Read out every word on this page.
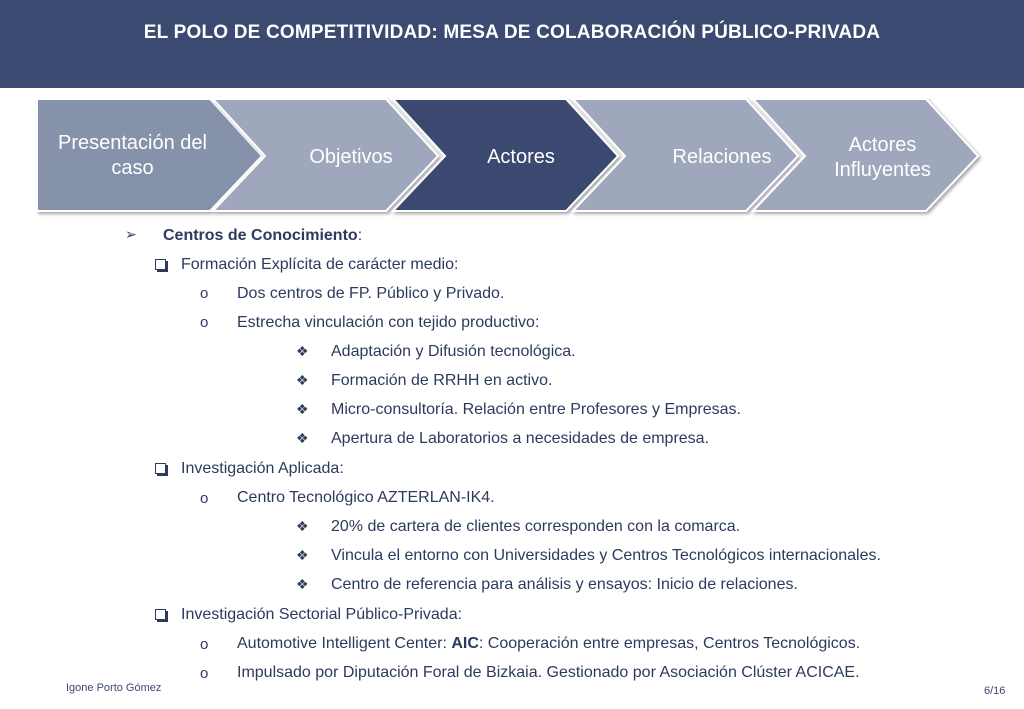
EL POLO DE COMPETITIVIDAD: MESA DE COLABORACIÓN PÚBLICO-PRIVADA
Presentación del
caso	Objetivos	Actores	Relaciones
Actores
Influyentes
➢ Centros de Conocimiento:
Formación Explícita de carácter medio:
o Dos centros de FP. Público y Privado.
o Estrecha vinculación con tejido productivo:
❖ Adaptación y Difusión tecnológica.
❖ Formación de RRHH en activo.
❖ Micro-consultoría. Relación entre Profesores y Empresas.
❖ Apertura de Laboratorios a necesidades de empresa.
Investigación Aplicada:
o Centro Tecnológico AZTERLAN-IK4.
❖ 20% de cartera de clientes corresponden con la comarca.
❖ Vincula el entorno con Universidades y Centros Tecnológicos internacionales.
❖ Centro de referencia para análisis y ensayos: Inicio de relaciones.
Investigación Sectorial Público-Privada:
o Automotive Intelligent Center: AIC: Cooperación entre empresas, Centros Tecnológicos.
o Impulsado por Diputación Foral de Bizkaia. Gestionado por Asociación Clúster ACICAE.
Igone Porto Gómez	6/16
